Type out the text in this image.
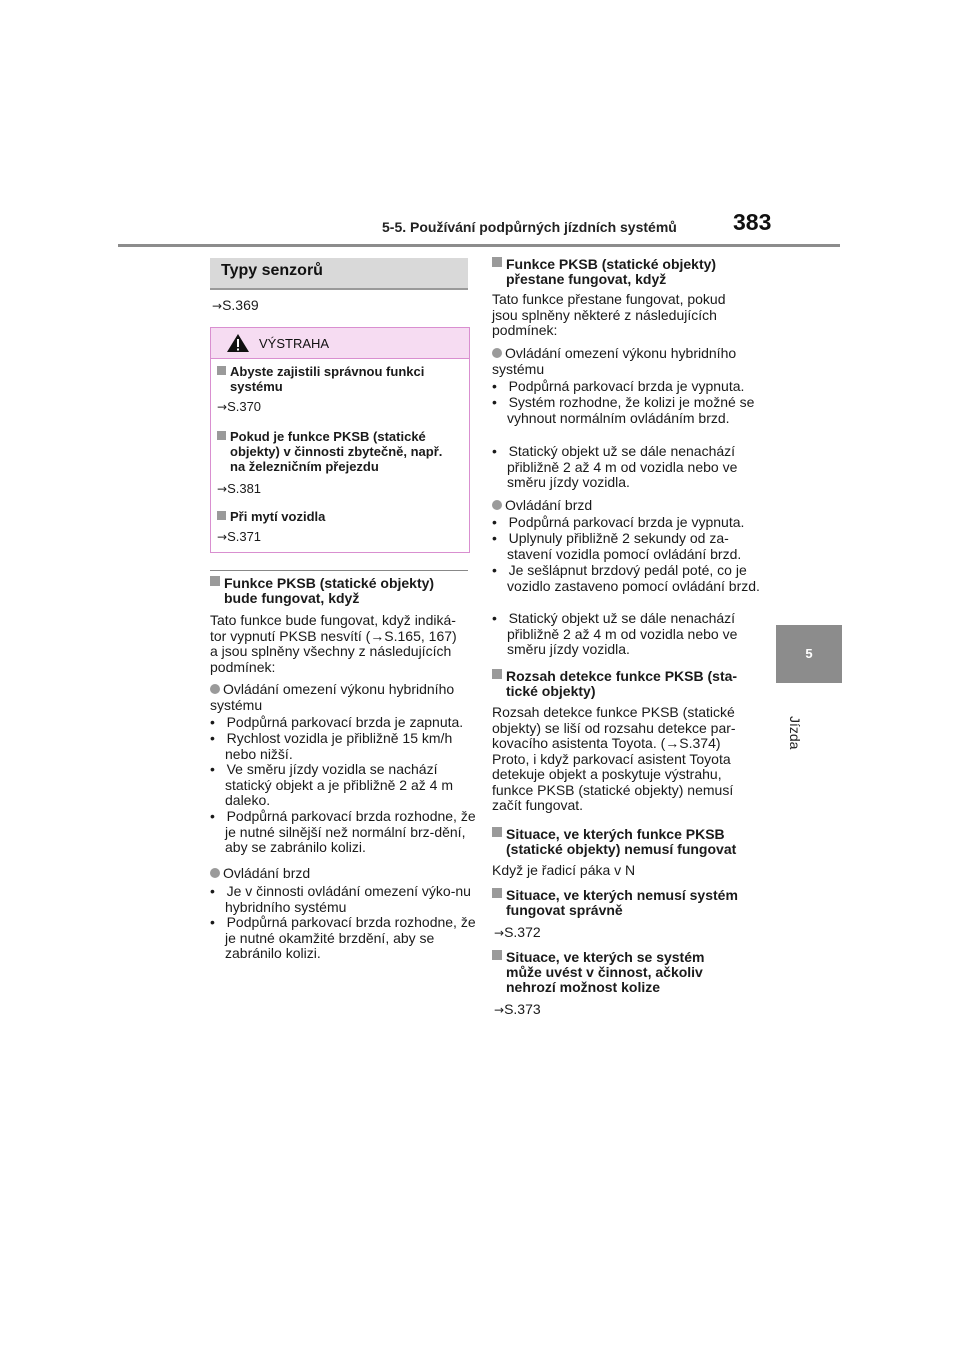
5-5. Používání podpůrných jízdních systémů 383
5
Jízda
Typy senzorů
→S.369
VÝSTRAHA
Abyste zajistili správnou funkci systému
→S.370
Pokud je funkce PKSB (statické objekty) v činnosti zbytečně, např. na železničním přejezdu
→S.381
Při mytí vozidla
→S.371
Funkce PKSB (statické objekty) bude fungovat, když
Tato funkce bude fungovat, když indiká-tor vypnutí PKSB nesvítí (→S.165, 167) a jsou splněny všechny z následujících podmínek:
Ovládání omezení výkonu hybridního systému
•   Podpůrná parkovací brzda je zapnuta.
•   Rychlost vozidla je přibližně 15 km/h nebo nižší.
•   Ve směru jízdy vozidla se nachází statický objekt a je přibližně 2 až 4 m daleko.
•   Podpůrná parkovací brzda rozhodne, že je nutné silnější než normální brz-dění, aby se zabránilo kolizi.
Ovládání brzd
•   Je v činnosti ovládání omezení výko-nu hybridního systému
•   Podpůrná parkovací brzda rozhodne, že je nutné okamžité brzdění, aby se zabránilo kolizi.
Funkce PKSB (statické objekty) přestane fungovat, když
Tato funkce přestane fungovat, pokud jsou splněny některé z následujících podmínek:
Ovládání omezení výkonu hybridního systému
•   Podpůrná parkovací brzda je vypnuta.
•   Systém rozhodne, že kolizi je možné se vyhnout normálním ovládáním brzd.
•   Statický objekt už se dále nenachází přibližně 2 až 4 m od vozidla nebo ve směru jízdy vozidla.
Ovládání brzd
•   Podpůrná parkovací brzda je vypnuta.
•   Uplynuly přibližně 2 sekundy od za-stavení vozidla pomocí ovládání brzd.
•   Je sešlápnut brzdový pedál poté, co je vozidlo zastaveno pomocí ovládání brzd.
•   Statický objekt už se dále nenachází přibližně 2 až 4 m od vozidla nebo ve směru jízdy vozidla.
Rozsah detekce funkce PKSB (sta-tické objekty)
Rozsah detekce funkce PKSB (statické objekty) se liší od rozsahu detekce par-kovacího asistenta Toyota. (→S.374) Proto, i když parkovací asistent Toyota detekuje objekt a poskytuje výstrahu, funkce PKSB (statické objekty) nemusí začít fungovat.
Situace, ve kterých funkce PKSB (statické objekty) nemusí fungovat
Když je řadicí páka v N
Situace, ve kterých nemusí systém fungovat správně
→S.372
Situace, ve kterých se systém může uvést v činnost, ačkoliv nehrozí možnost kolize
→S.373
